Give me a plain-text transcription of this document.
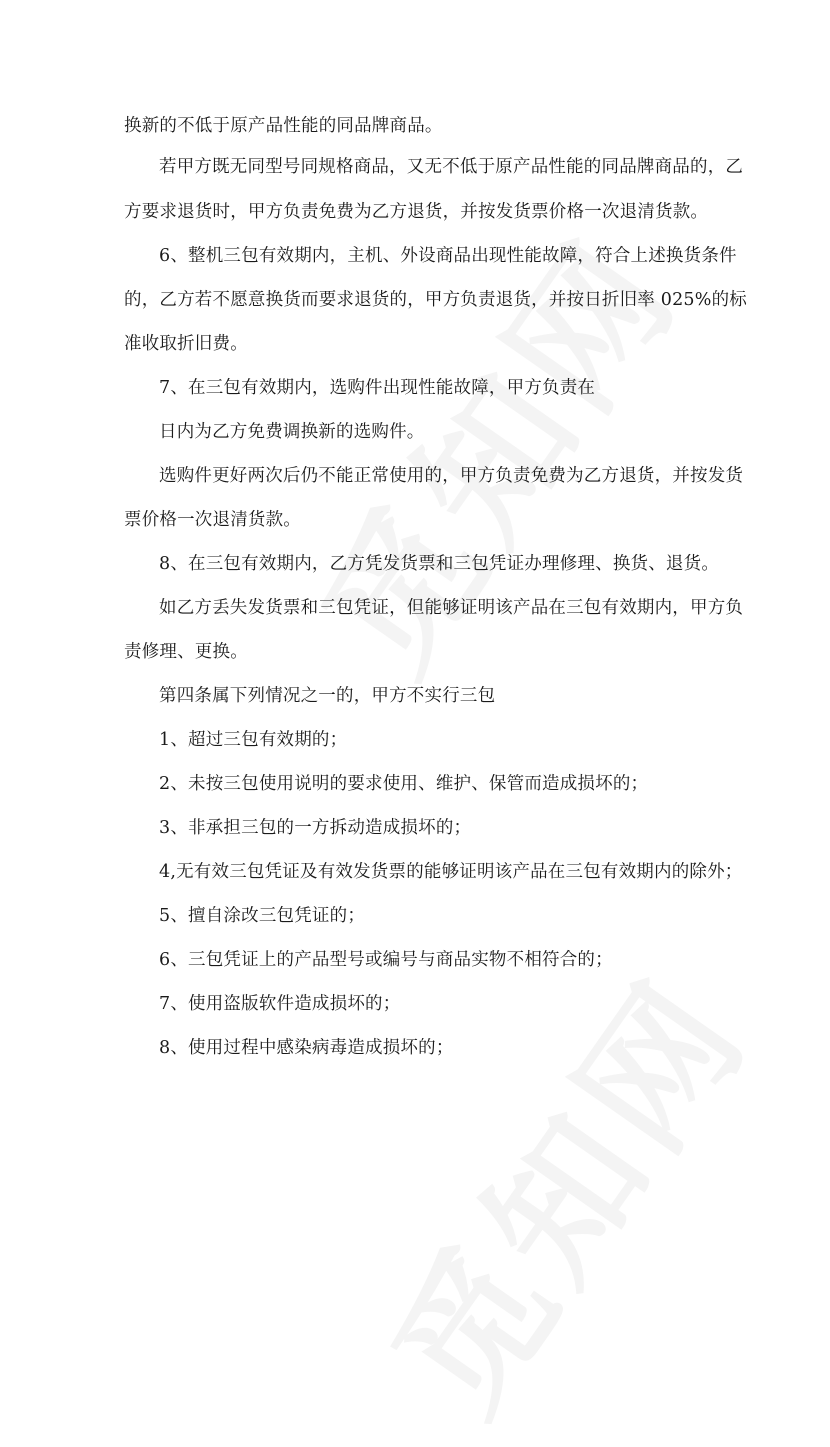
换新的不低于原产品性能的同品牌商品。

若甲方既无同型号同规格商品，又无不低于原产品性能的同品牌商品的，乙

方要求退货时，甲方负责免费为乙方退货，并按发货票价格一次退清货款。

6、整机三包有效期内，主机、外设商品出现性能故障，符合上述换货条件

的，乙方若不愿意换货而要求退货的，甲方负责退货，并按日折旧率 025%的标

准收取折旧费。

7、在三包有效期内，选购件出现性能故障，甲方负责在

日内为乙方免费调换新的选购件。

选购件更好两次后仍不能正常使用的，甲方负责免费为乙方退货，并按发货

票价格一次退清货款。

8、在三包有效期内，乙方凭发货票和三包凭证办理修理、换货、退货。

如乙方丢失发货票和三包凭证，但能够证明该产品在三包有效期内，甲方负

责修理、更换。

第四条属下列情况之一的，甲方不实行三包

1、超过三包有效期的；

2、未按三包使用说明的要求使用、维护、保管而造成损坏的；

3、非承担三包的一方拆动造成损坏的；

4,无有效三包凭证及有效发货票的能够证明该产品在三包有效期内的除外；

5、擅自涂改三包凭证的；

6、三包凭证上的产品型号或编号与商品实物不相符合的；

7、使用盗版软件造成损坏的；

8、使用过程中感染病毒造成损坏的；
